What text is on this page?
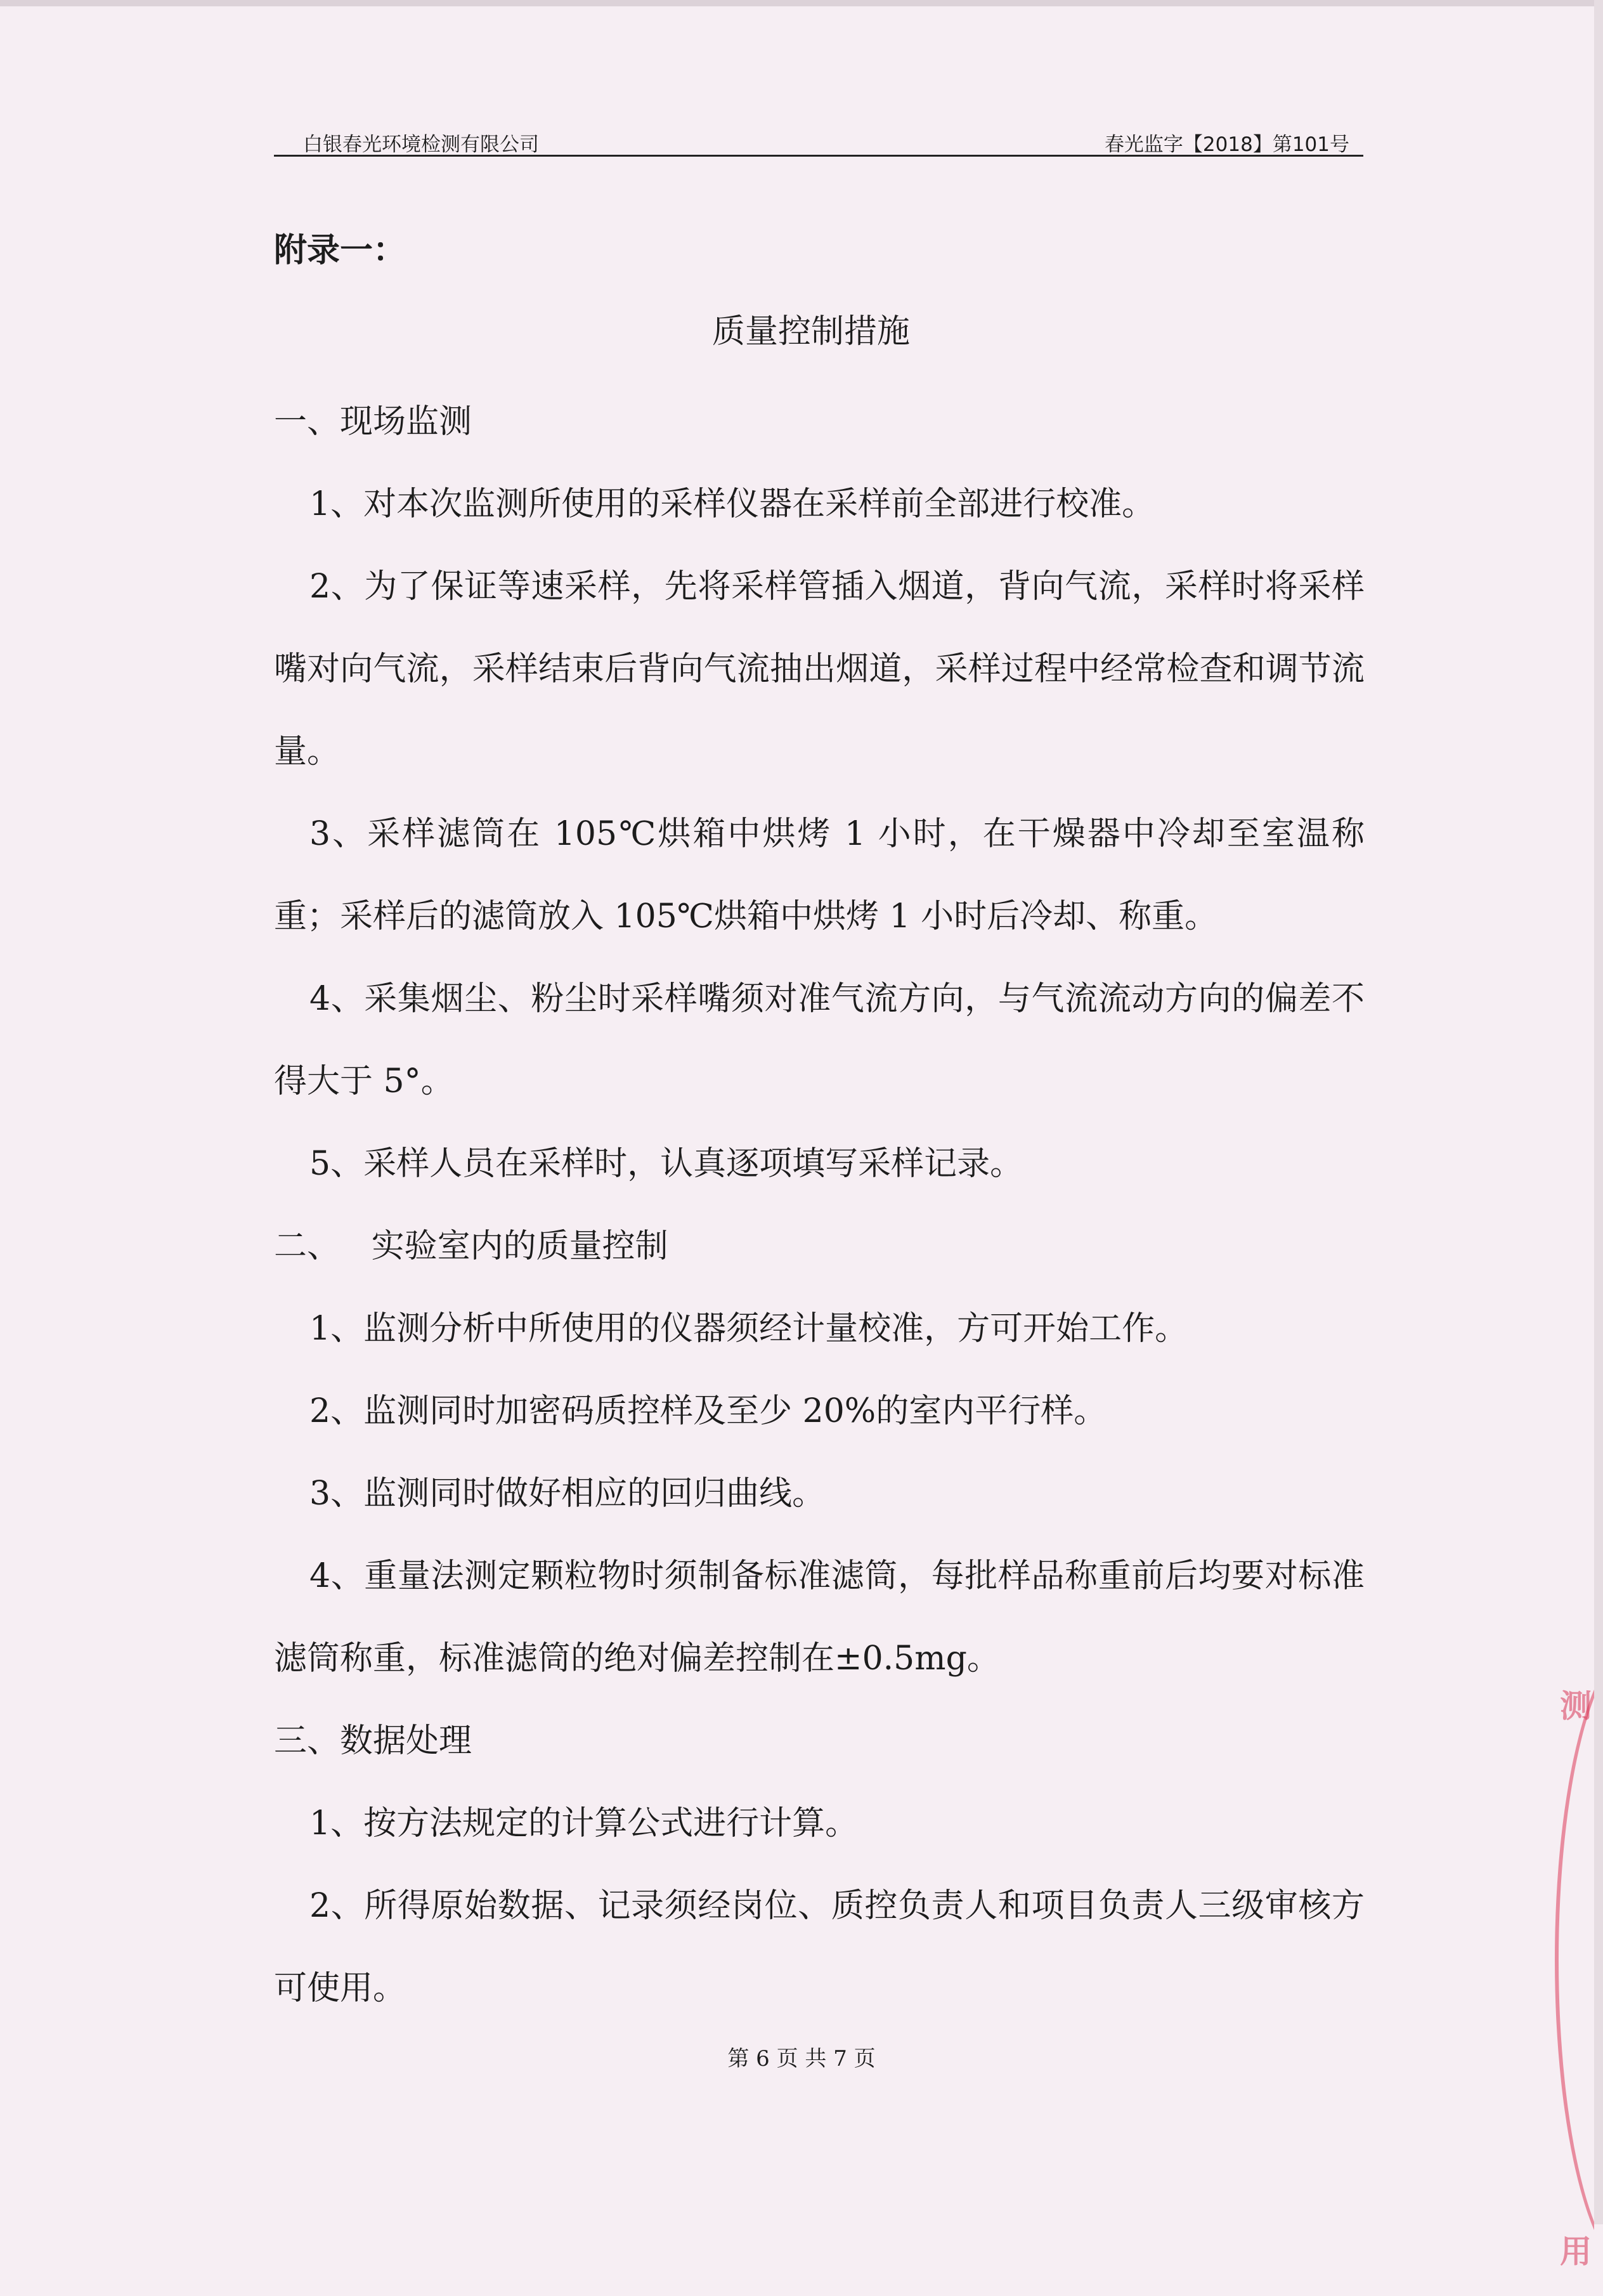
白银春光环境检测有限公司	春光监字【2018】第101号
附录一：
质量控制措施

一、现场监测

1、对本次监测所使用的采样仪器在采样前全部进行校准。

2、为了保证等速采样，先将采样管插入烟道，背向气流，采样时将采样嘴对向气流，采样结束后背向气流抽出烟道，采样过程中经常检查和调节流量。

3、采样滤筒在 105℃烘箱中烘烤 1 小时，在干燥器中冷却至室温称重；采样后的滤筒放入 105℃烘箱中烘烤 1 小时后冷却、称重。

4、采集烟尘、粉尘时采样嘴须对准气流方向，与气流流动方向的偏差不得大于 5°。

5、采样人员在采样时，认真逐项填写采样记录。

二、   实验室内的质量控制

1、监测分析中所使用的仪器须经计量校准，方可开始工作。

2、监测同时加密码质控样及至少 20%的室内平行样。

3、监测同时做好相应的回归曲线。

4、重量法测定颗粒物时须制备标准滤筒，每批样品称重前后均要对标准滤筒称重，标准滤筒的绝对偏差控制在±0.5mg。

三、数据处理

1、按方法规定的计算公式进行计算。

2、所得原始数据、记录须经岗位、质控负责人和项目负责人三级审核方可使用。

第 6 页 共 7 页
测
用
